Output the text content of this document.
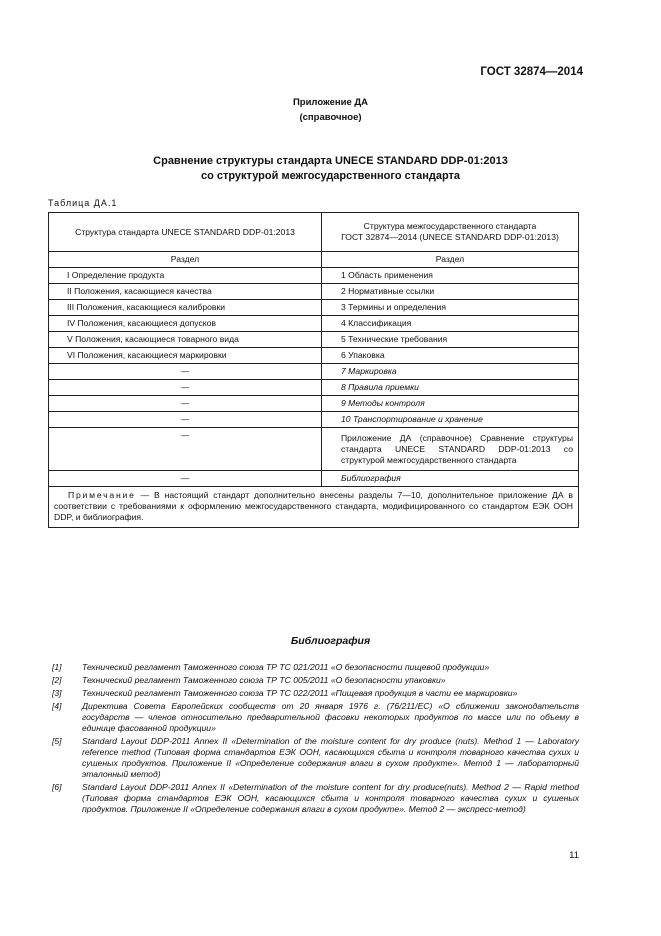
ГОСТ 32874—2014
Приложение ДА
(справочное)
Сравнение структуры стандарта UNECE STANDARD DDP-01:2013
со структурой межгосударственного стандарта
Таблица ДА.1
Структура стандарта UNECE STANDARD DDP-01:2013	Структура межгосударственного стандарта
ГОСТ 32874—2014 (UNECE STANDARD DDP-01:2013)

Раздел	Раздел
I Определение продукта	1 Область применения
II Положения, касающиеся качества	2 Нормативные ссылки
III Положения, касающиеся калибровки	3 Термины и определения
IV Положения, касающиеся допусков	4 Классификация
V Положения, касающиеся товарного вида	5 Технические требования
VI Положения, касающиеся маркировки	6 Упаковка
—	7 Маркировка
—	8 Правила приемки
—	9 Методы контроля
—	10 Транспортирование и хранение
—	Приложение ДА (справочное) Сравнение структуры стандарта UNECE STANDARD DDP-01:2013 со структурой межгосударственного стандарта
—	Библиография
Примечание — В настоящий стандарт дополнительно внесены разделы 7—10, дополнительное приложение ДА в соответствии с требованиями к оформлению межгосударственного стандарта, модифицированного со стандартом ЕЭК ООН DDP, и библиография.	
Библиография
[1] Технический регламент Таможенного союза ТР ТС 021/2011 «О безопасности пищевой продукции»
[2] Технический регламент Таможенного союза ТР ТС 005/2011 «О безопасности упаковки»
[3] Технический регламент Таможенного союза ТР ТС 022/2011 «Пищевая продукция в части ее маркировки»
[4] Директива Совета Европейских сообществ от 20 января 1976 г. (76/211/ЕС) «О сближении законодательств государств — членов относительно предварительной фасовки некоторых продуктов по массе или по объему в единице фасованной продукции»
[5] Standard Layout DDP-2011 Annex II «Determination of the moisture content for dry produce (nuts). Method 1 — Laboratory reference method (Типовая форма стандартов ЕЭК ООН, касающихся сбыта и контроля товарного качества сухих и сушеных продуктов. Приложение II «Определение содержания влаги в сухом продукте». Метод 1 — лабораторный эталонный метод)
[6] Standard Layout DDP-2011 Annex II «Determination of the moisture content for dry produce(nuts). Method 2 — Rapid method (Типовая форма стандартов ЕЭК ООН, касающихся сбыта и контроля товарного качества сухих и сушеных продуктов. Приложение II «Определение содержания влаги в сухом продукте». Метод 2 — экспресс-метод)
11
